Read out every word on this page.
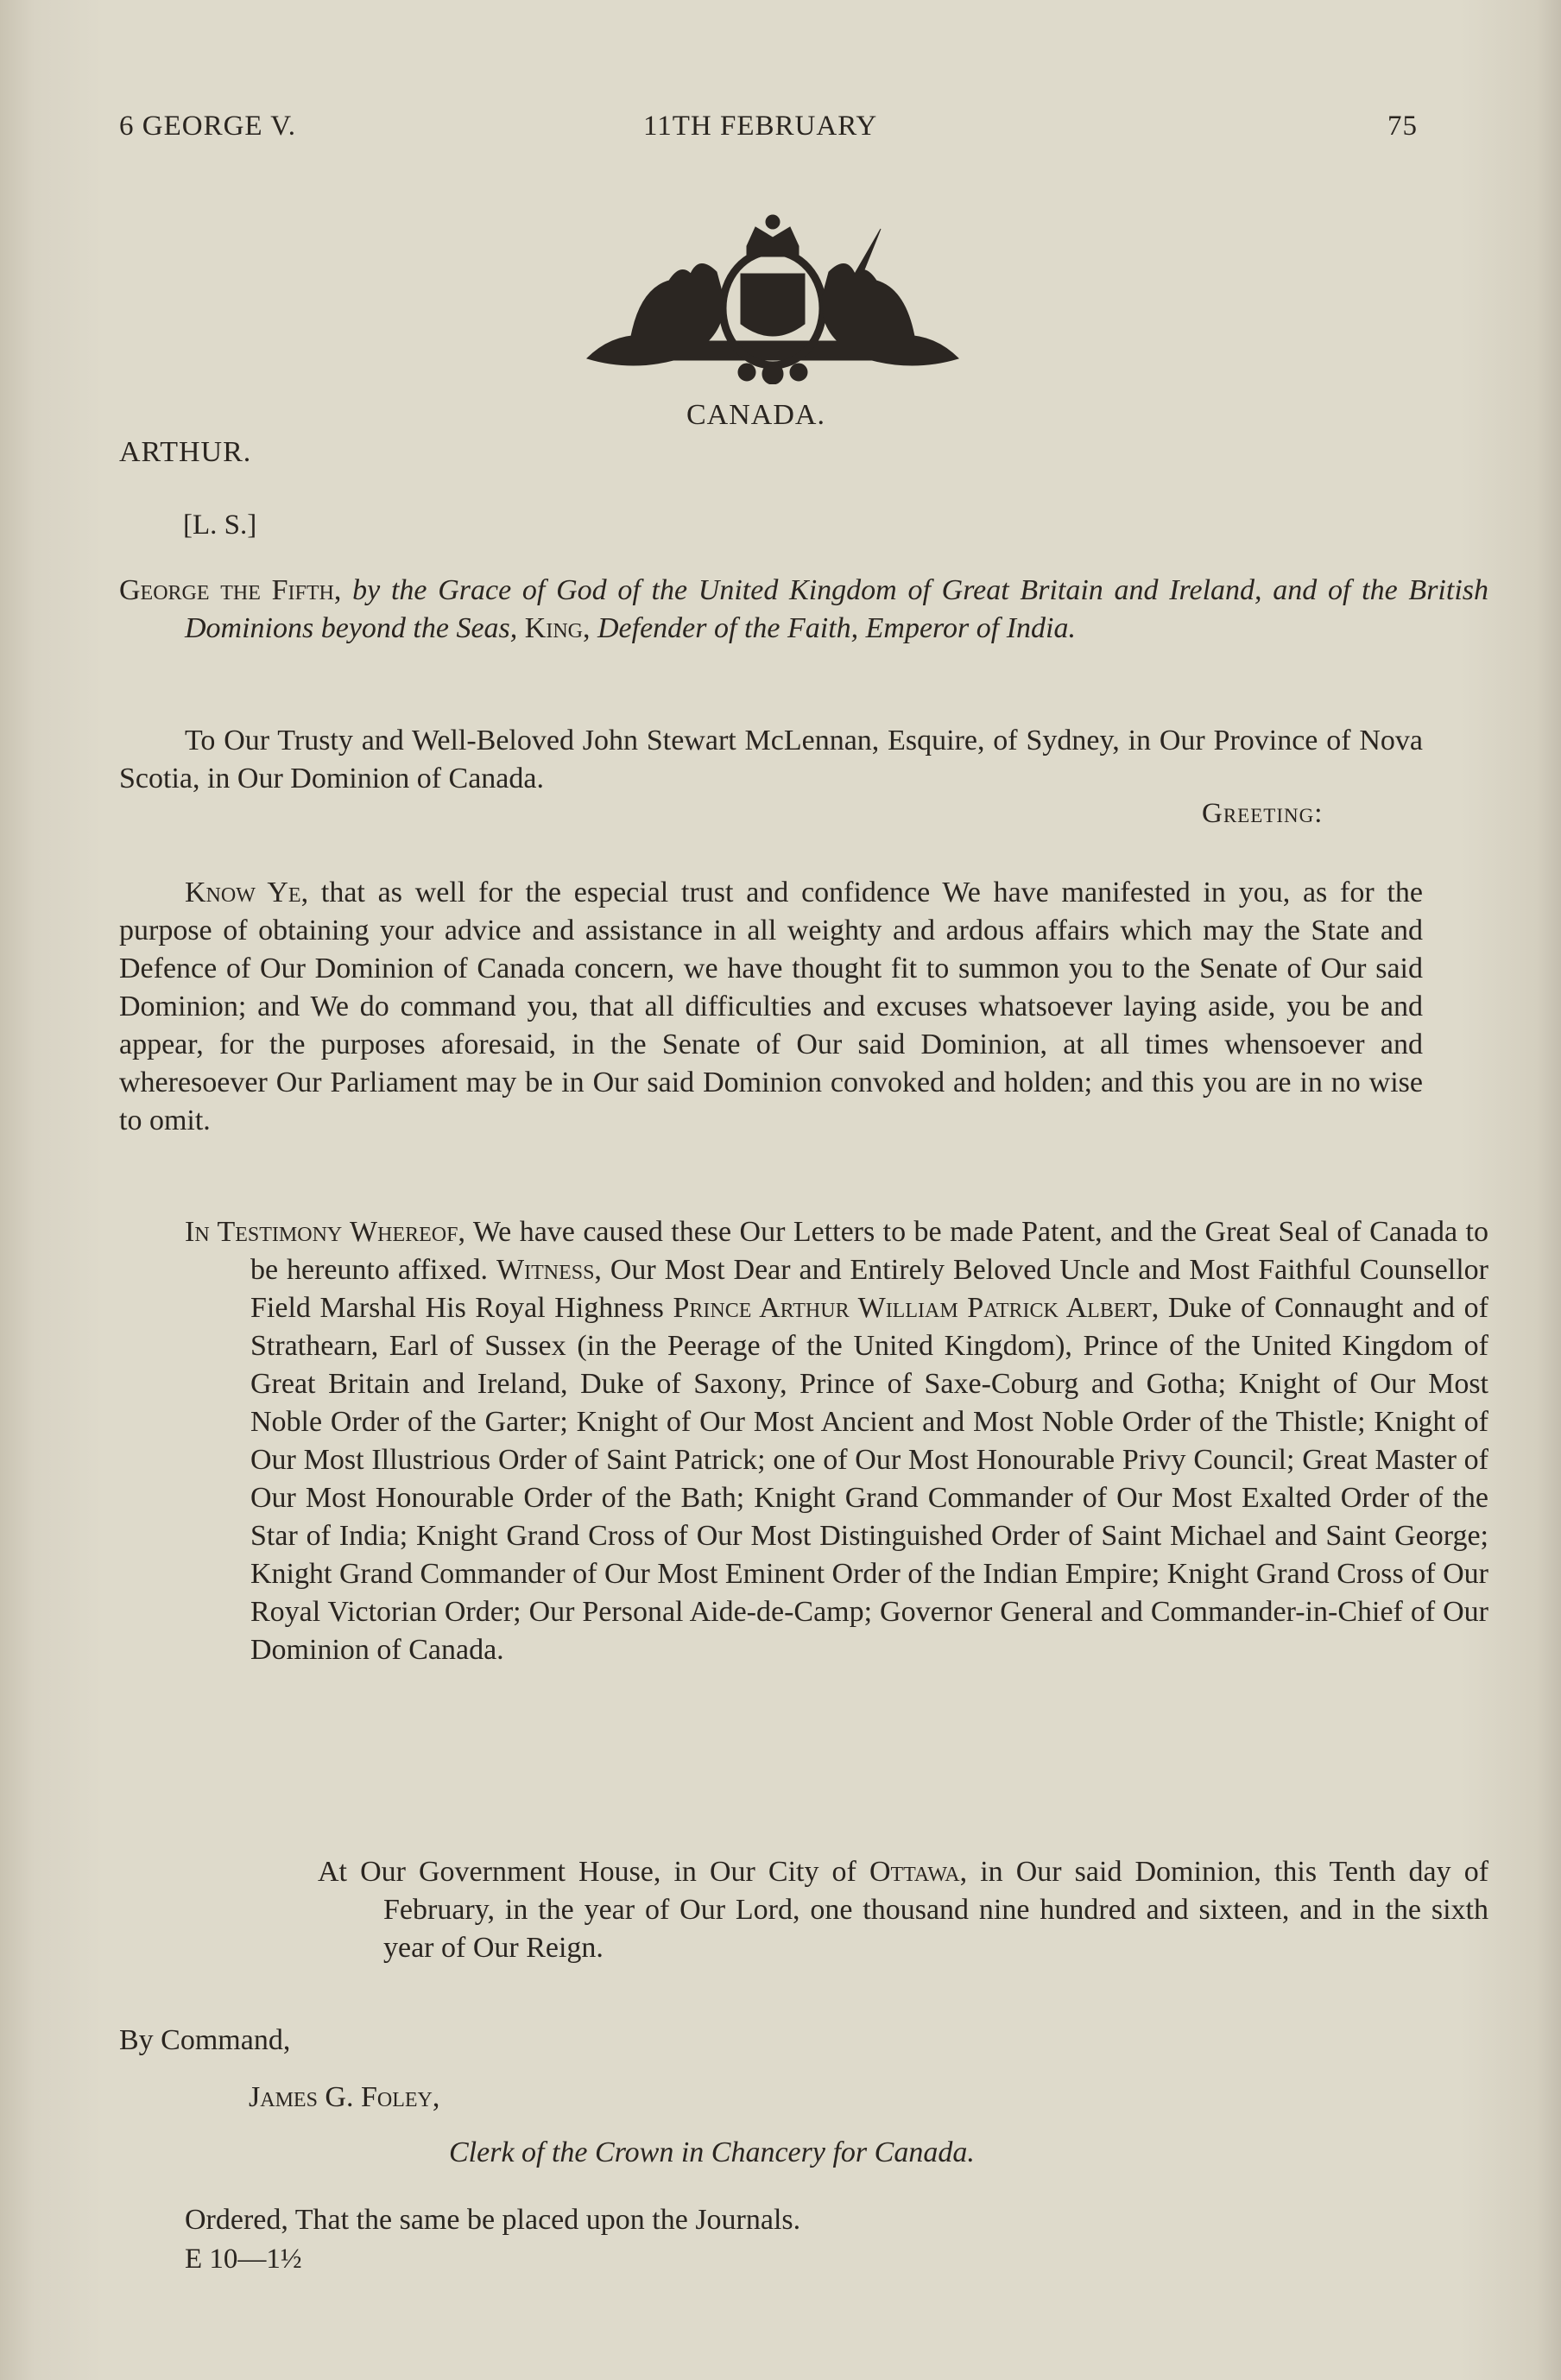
6 GEORGE V.	11TH FEBRUARY	75
CANADA.
ARTHUR.
[L. S.]
George the Fifth, by the Grace of God of the United Kingdom of Great Britain and Ireland, and of the British Dominions beyond the Seas, King, Defender of the Faith, Emperor of India.
To Our Trusty and Well-Beloved John Stewart McLennan, Esquire, of Sydney, in Our Province of Nova Scotia, in Our Dominion of Canada.
Greeting:
Know Ye, that as well for the especial trust and confidence We have manifested in you, as for the purpose of obtaining your advice and assistance in all weighty and ardous affairs which may the State and Defence of Our Dominion of Canada concern, we have thought fit to summon you to the Senate of Our said Dominion; and We do command you, that all difficulties and excuses whatsoever laying aside, you be and appear, for the purposes aforesaid, in the Senate of Our said Dominion, at all times whensoever and wheresoever Our Parliament may be in Our said Dominion convoked and holden; and this you are in no wise to omit.
In Testimony Whereof, We have caused these Our Letters to be made Patent, and the Great Seal of Canada to be hereunto affixed. Witness, Our Most Dear and Entirely Beloved Uncle and Most Faithful Counsellor Field Marshal His Royal Highness Prince Arthur William Patrick Albert, Duke of Connaught and of Strathearn, Earl of Sussex (in the Peerage of the United Kingdom), Prince of the United Kingdom of Great Britain and Ireland, Duke of Saxony, Prince of Saxe-Coburg and Gotha; Knight of Our Most Noble Order of the Garter; Knight of Our Most Ancient and Most Noble Order of the Thistle; Knight of Our Most Illustrious Order of Saint Patrick; one of Our Most Honourable Privy Council; Great Master of Our Most Honourable Order of the Bath; Knight Grand Commander of Our Most Exalted Order of the Star of India; Knight Grand Cross of Our Most Distinguished Order of Saint Michael and Saint George; Knight Grand Commander of Our Most Eminent Order of the Indian Empire; Knight Grand Cross of Our Royal Victorian Order; Our Personal Aide-de-Camp; Governor General and Commander-in-Chief of Our Dominion of Canada.
At Our Government House, in Our City of Ottawa, in Our said Dominion, this Tenth day of February, in the year of Our Lord, one thousand nine hundred and sixteen, and in the sixth year of Our Reign.
By Command,
James G. Foley,
Clerk of the Crown in Chancery for Canada.
Ordered, That the same be placed upon the Journals.
E 10—1½
